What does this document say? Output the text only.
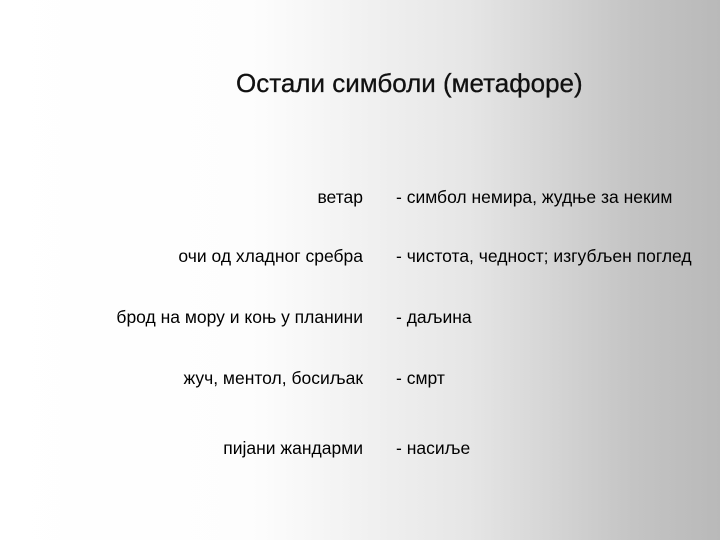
Остали симболи (метафоре)
ветар - симбол немира, жудње за неким
очи од хладног сребра - чистота, чедност; изгубљен поглед
брод на мору и коњ у планини - даљина
жуч, ментол, босиљак - смрт
пијани жандарми - насиље
